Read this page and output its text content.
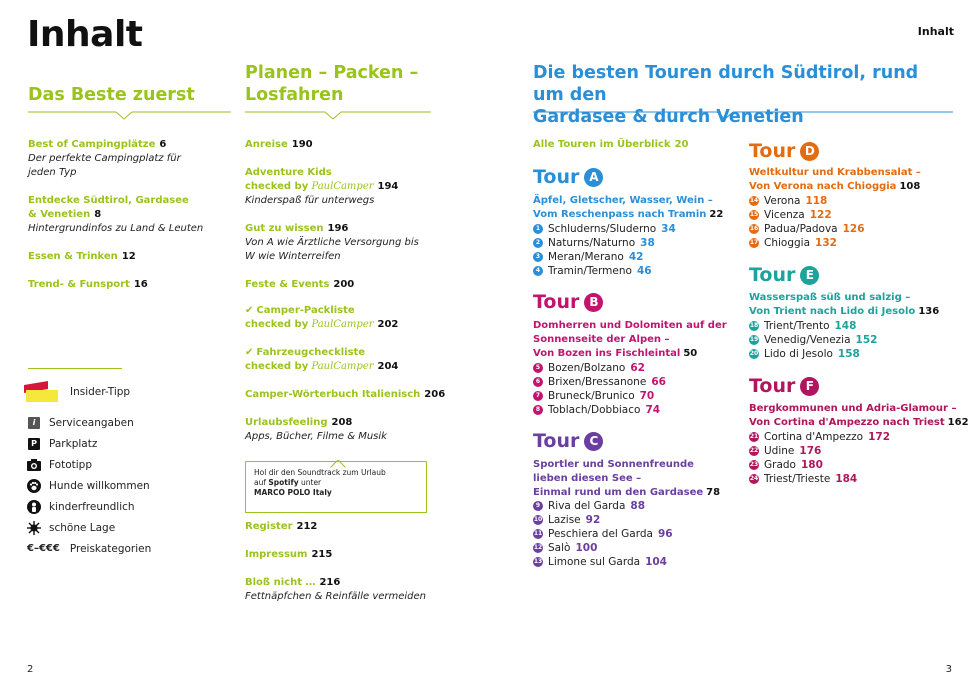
Inhalt	Inhalt
Das Beste zuerst
Best of Campingplätze 6
Der perfekte Campingplatz für
jeden Typ
Entdecke Südtirol, Gardasee
& Venetien 8
Hintergrundinfos zu Land & Leuten
Essen & Trinken 12
Trend- & Funsport 16
Insider-Tipp
i	Serviceangaben
P Parkplatz
Fototipp
Hunde willkommen
kinderfreundlich
schöne Lage
€–€€€ Preiskategorien
Planen – Packen –
Losfahren
Anreise 190
Adventure Kids
checked by PaulCamper 194
Kinderspaß für unterwegs
Gut zu wissen 196
Von A wie Ärztliche Versorgung bis
W wie Winterreifen
Feste & Events 200
✔ Camper-Packliste
checked by PaulCamper 202
✔ Fahrzeugcheckliste
checked by PaulCamper 204
Camper-Wörterbuch Italienisch 206
Urlaubsfeeling 208
Apps, Bücher, Filme & Musik
Hol dir den Soundtrack zum Urlaub
auf Spotify unter
MARCO POLO Italy
Register 212
Impressum 215
Bloß nicht … 216
Fettnäpfchen & Reinfälle vermeiden
Die besten Touren durch Südtirol, rund um den
Gardasee & durch Venetien
Alle Touren im Überblick 20
Tour A
Äpfel, Gletscher, Wasser, Wein –
Vom Reschenpass nach Tramin 22
1 Schluderns/Sluderno 34
2 Naturns/Naturno 38
3 Meran/Merano 42
4 Tramin/Termeno 46
Tour B
Domherren und Dolomiten auf der
Sonnenseite der Alpen –
Von Bozen ins Fischleintal 50
5 Bozen/Bolzano 62
6 Brixen/Bressanone 66
7 Bruneck/Brunico 70
8 Toblach/Dobbiaco 74
Tour C
Sportler und Sonnenfreunde
lieben diesen See –
Einmal rund um den Gardasee 78
9 Riva del Garda 88
10 Lazise 92
11 Peschiera del Garda 96
12 Salò 100
13 Limone sul Garda 104
Tour D
Weltkultur und Krabbensalat –
Von Verona nach Chioggia 108
14 Verona 118
15 Vicenza 122
16 Padua/Padova 126
17 Chioggia 132
Tour E
Wasserspaß süß und salzig –
Von Trient nach Lido di Jesolo 136
18 Trient/Trento 148
19 Venedig/Venezia 152
20 Lido di Jesolo 158
Tour F
Bergkommunen und Adria-Glamour –
Von Cortina d'Ampezzo nach Triest 162
21 Cortina d'Ampezzo 172
22 Udine 176
23 Grado 180
24 Triest/Trieste 184
2	3
